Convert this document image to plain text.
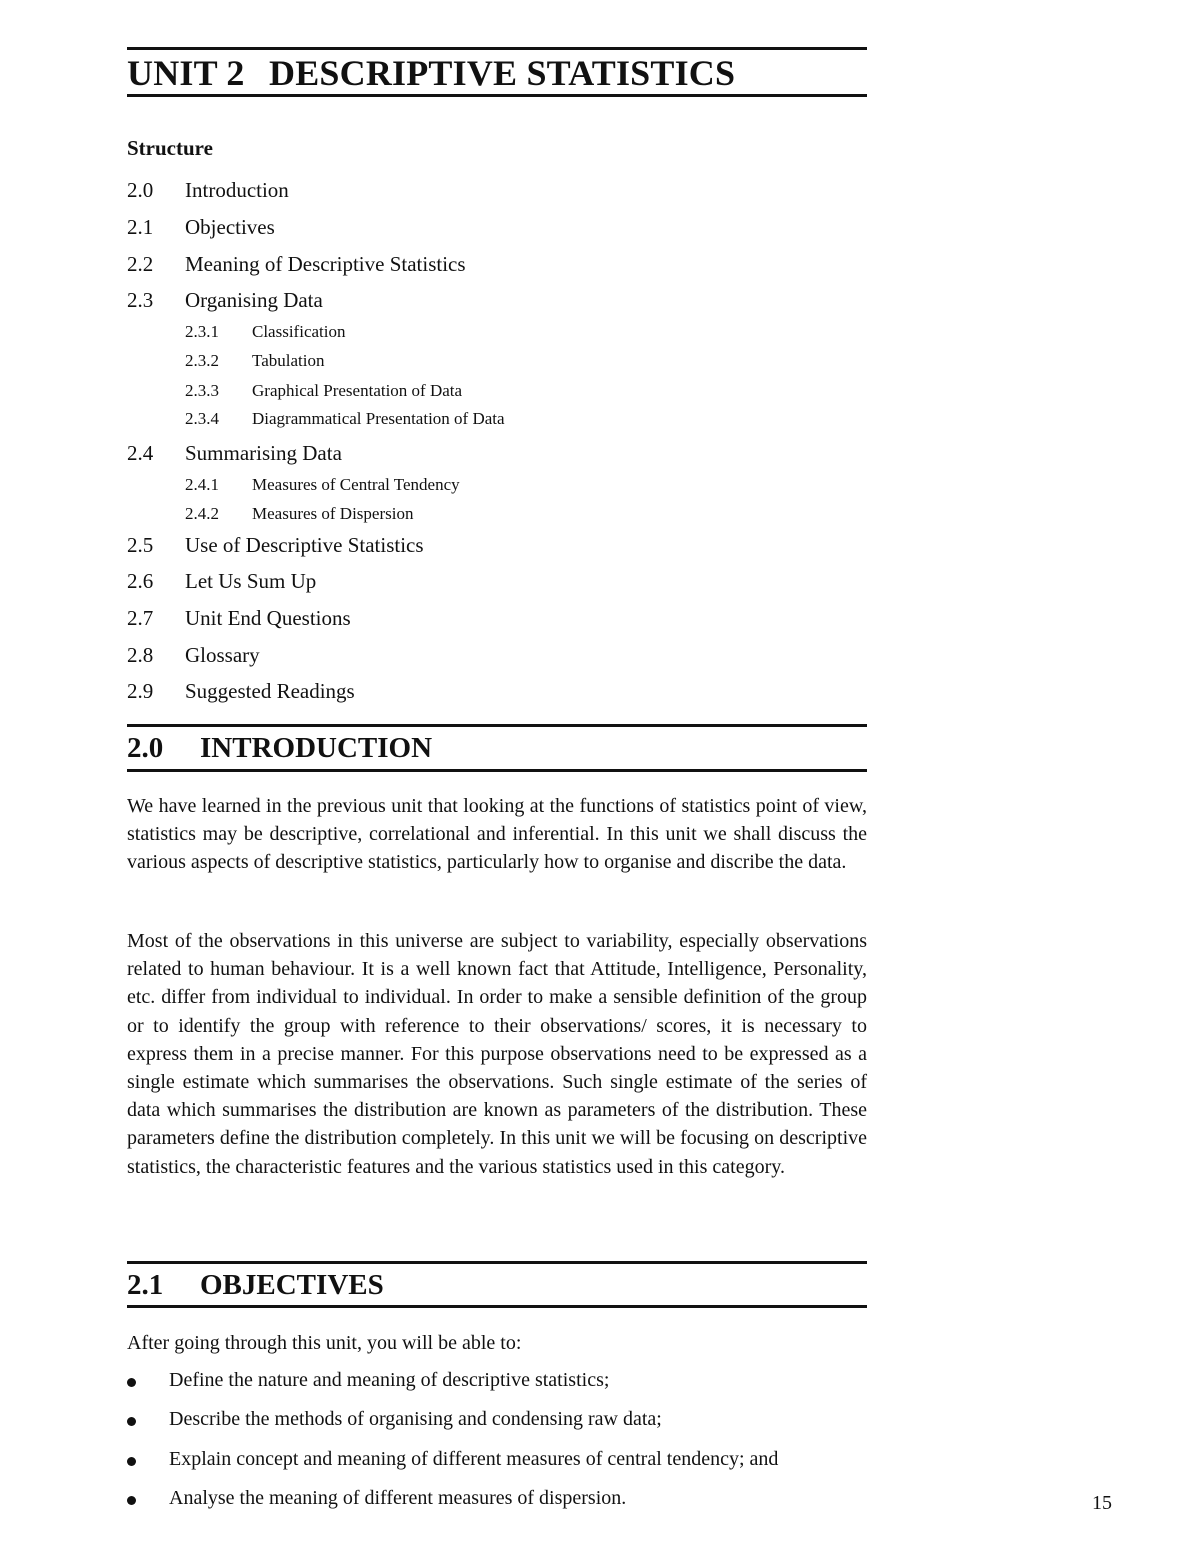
UNIT 2 DESCRIPTIVE STATISTICS
Structure
2.0 Introduction
2.1 Objectives
2.2 Meaning of Descriptive Statistics
2.3 Organising Data
2.3.1 Classification
2.3.2 Tabulation
2.3.3 Graphical Presentation of Data
2.3.4 Diagrammatical Presentation of Data
2.4 Summarising Data
2.4.1 Measures of Central Tendency
2.4.2 Measures of Dispersion
2.5 Use of Descriptive Statistics
2.6 Let Us Sum Up
2.7 Unit End Questions
2.8 Glossary
2.9 Suggested Readings
2.0 INTRODUCTION
We have learned in the previous unit that looking at the functions of statistics point of view, statistics may be descriptive, correlational and inferential. In this unit we shall discuss the various aspects of descriptive statistics, particularly how to organise and discribe the data.
Most of the observations in this universe are subject to variability, especially observations related to human behaviour. It is a well known fact that Attitude, Intelligence, Personality, etc. differ from individual to individual. In order to make a sensible definition of the group or to identify the group with reference to their observations/ scores, it is necessary to express them in a precise manner. For this purpose observations need to be expressed as a single estimate which summarises the observations. Such single estimate of the series of data which summarises the distribution are known as parameters of the distribution. These parameters define the distribution completely. In this unit we will be focusing on descriptive statistics, the characteristic features and the various statistics used in this category.
2.1 OBJECTIVES
After going through this unit, you will be able to:
Define the nature and meaning of descriptive statistics;
Describe the methods of organising and condensing raw data;
Explain concept and meaning of different measures of central tendency; and
Analyse the meaning of different measures of dispersion.	15
